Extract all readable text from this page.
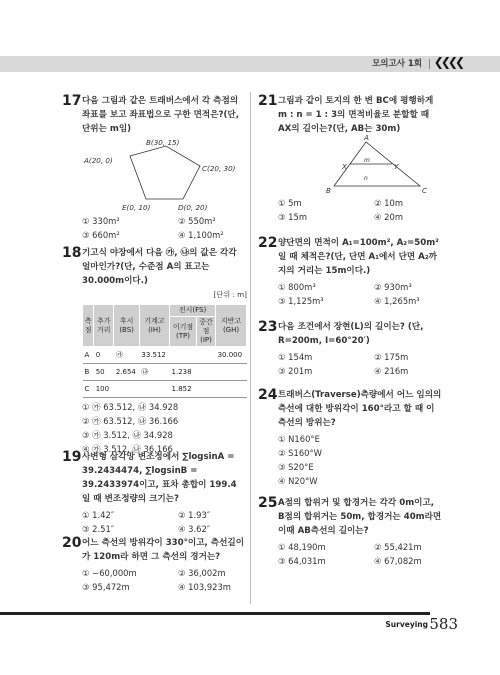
모의고사 1회 ❮❮❮❮
17 다음 그림과 같은 트래버스에서 각 측점의 좌표를 보고 좌표법으로 구한 면적은?(단, 단위는 m임)
A(20, 0)
B(30, 15)
C(20, 30)
D(0, 20)
E(0, 10)
① 330m²	② 550m²
③ 660m²	④ 1,100m²
18 기고식 야장에서 다음 ㉮, ㉯의 값은 각각 얼마인가?(단, 수준점 A의 표고는 30.000m이다.)
[단위 : m]
측점	추가거리	후시(BS)	기계고(IH)	전시(FS)		지반고(GH)
				이기점(TP)	중간점(IP)	
A	0	㉮	33.512			30.000
B	50	2.654	㉯	1.238		
C	100			1.852		
① ㉮ 63.512, ㉯ 34.928
② ㉮ 63.512, ㉯ 36.166
③ ㉮ 3.512, ㉯ 34.928
④ ㉮ 3.512, ㉯ 36.166
19 사변형 삼각망 변조정에서 ∑logsinA = 39.2434474, ∑logsinB = 39.2433974이고, 표차 총합이 199.4일 때 변조정량의 크기는?
① 1.42″	② 1.93″
③ 2.51″	④ 3.62″
20 어느 측선의 방위각이 330°이고, 측선길이가 120m라 하면 그 측선의 경거는?
① −60,000m	② 36,002m
③ 95,472m	④ 103,923m
21 그림과 같이 토지의 한 변 BC에 평행하게 m : n = 1 : 3의 면적비율로 분할할 때 AX의 길이는?(단, AB는 30m)
A
B	C
X	Y
m
n
① 5m	② 10m
③ 15m	④ 20m
22 양단면의 면적이 A₁=100m², A₂=50m²일 때 체적은?(단, 단면 A₁에서 단면 A₂까지의 거리는 15m이다.)
① 800m³	② 930m³
③ 1,125m³	④ 1,265m³
23 다음 조건에서 장현(L)의 길이는? (단, R=200m, I=60°20′)
① 154m	② 175m
③ 201m	④ 216m
24 트래버스(Traverse)측량에서 어느 임의의 측선에 대한 방위각이 160°라고 할 때 이 측선의 방위는?
① N160°E
② S160°W
③ S20°E
④ N20°W
25 A점의 합위거 및 합경거는 각각 0m이고, B점의 합위거는 50m, 합경거는 40m라면 이때 AB측선의 길이는?
① 48,190m	② 55,421m
③ 64,031m	④ 67,082m
Surveying 583
